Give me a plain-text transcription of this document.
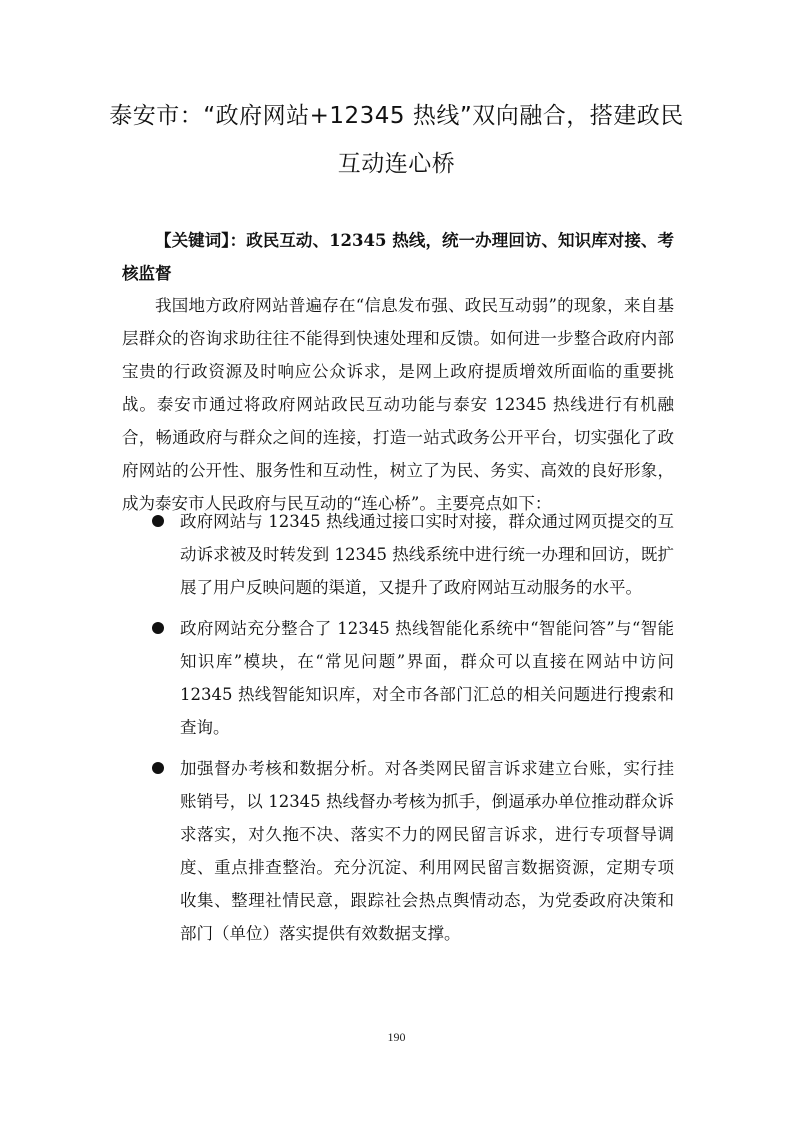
泰安市：“政府网站+12345 热线”双向融合，搭建政民互动连心桥

【关键词】：政民互动、12345 热线，统一办理回访、知识库对接、考核监督

我国地方政府网站普遍存在“信息发布强、政民互动弱”的现象，来自基层群众的咨询求助往往不能得到快速处理和反馈。如何进一步整合政府内部宝贵的行政资源及时响应公众诉求，是网上政府提质增效所面临的重要挑战。泰安市通过将政府网站政民互动功能与泰安 12345 热线进行有机融合，畅通政府与群众之间的连接，打造一站式政务公开平台，切实强化了政府网站的公开性、服务性和互动性，树立了为民、务实、高效的良好形象，成为泰安市人民政府与民互动的“连心桥”。主要亮点如下：

政府网站与 12345 热线通过接口实时对接，群众通过网页提交的互动诉求被及时转发到 12345 热线系统中进行统一办理和回访，既扩展了用户反映问题的渠道，又提升了政府网站互动服务的水平。
政府网站充分整合了 12345 热线智能化系统中“智能问答”与“智能知识库”模块，在“常见问题”界面，群众可以直接在网站中访问 12345 热线智能知识库，对全市各部门汇总的相关问题进行搜索和查询。
加强督办考核和数据分析。对各类网民留言诉求建立台账，实行挂账销号，以 12345 热线督办考核为抓手，倒逼承办单位推动群众诉求落实，对久拖不决、落实不力的网民留言诉求，进行专项督导调度、重点排查整治。充分沉淀、利用网民留言数据资源，定期专项收集、整理社情民意，跟踪社会热点舆情动态，为党委政府决策和部门（单位）落实提供有效数据支撑。
190
